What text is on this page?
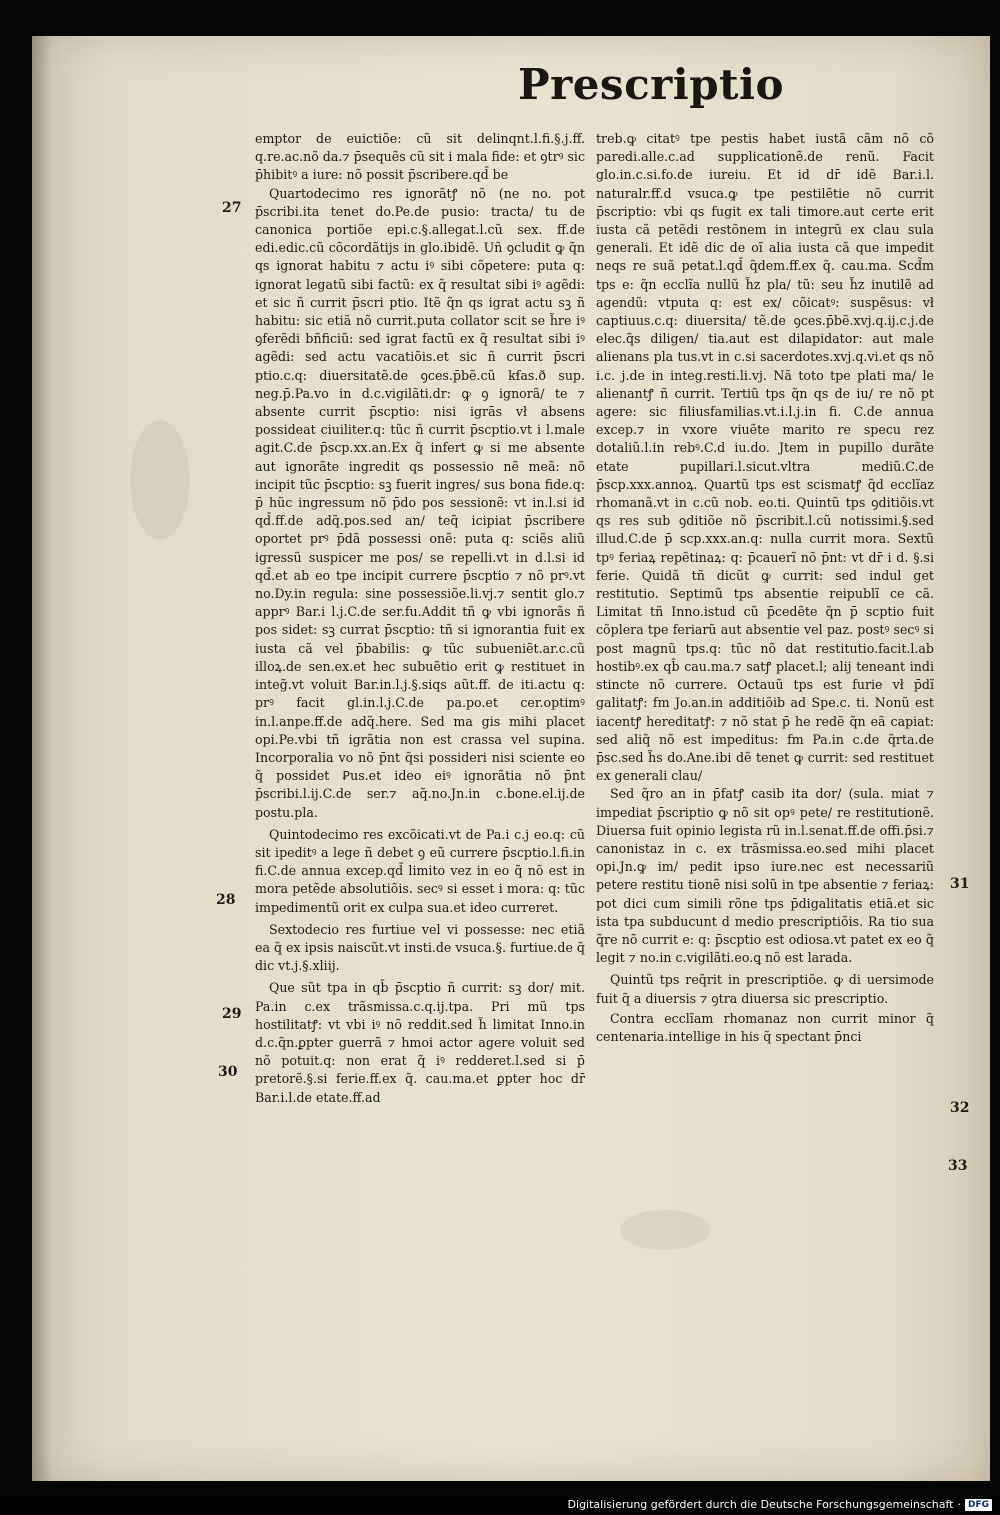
Prescriptio

emptor de euictiõe: cũ sit delinqnt.l.fi.§.j.ff. q.re.ac.nõ da.⁊ p̄sequẽs cũ sit i mala fide: et ꝯtrꝰ sic p̄hibitꝰ a iure: nõ possit p̄scribere.qd̄ be

Quartodecimo res ignorãtꝭ nõ (ne no. pot p̄scribi.ita tenet do.Pe.de pusio: tracta/ tu de canonica portiõe epi.c.§.allegat.l.cũ sex. ff.de edi.edic.cũ cõcordãtijs in glo.ibidẽ. Uñ ꝯcludit ꝙ q̃n qs ignorat habitu ⁊ actu iꝰ sibi cõpetere: puta q: ignorat legatũ sibi factũ: ex q̃ resultat sibi iꝰ agẽdi: et sic ñ currit p̄scri ptio. Itẽ q̃n qs igrat actu sꝫ ñ habitu: sic etiã nõ currit.puta collator scit se h̃re iꝰ ꝯferẽdi bñficiũ: sed igrat factũ ex q̃ resultat sibi iꝰ agẽdi: sed actu vacatiõis.et sic ñ currit p̄scri ptio.c.q: diuersitatẽ.de ꝯces.p̄bẽ.cũ kẜas.ð sup. neg.p̄.Pa.vo in d.c.vigilãti.dr: ꝙ ꝯ ignorã/ te ⁊ absente currit p̄scptio: nisi igrās vł absens possideat ciuiliter.q: tũc ñ currit p̄scptio.vt i l.male agit.C.de p̄scp.xx.an.Ex q̃ infert ꝙ si me absente aut ignorãte ingredit qs possessio nẽ meã: nõ incipit tũc p̄scptio: sꝫ fuerit ingres/ sus bona fide.q: p̄ hũc ingressum nõ p̄do pos sessionẽ: vt in.l.si id qd̄.ff.de adq̃.pos.sed an/ teq̃ icipiat p̄scribere oportet prꝰ p̄dã possessi onẽ: puta q: sciẽs aliũ igressũ suspicer me pos/ se repelli.vt in d.l.si id qd̄.et ab eo tpe incipit currere p̄scptio ⁊ nõ prꝰ.vt no.Dy.in regula: sine possessiõe.li.vj.⁊ sentit glo.⁊ apprꝰ Bar.i l.j.C.de ser.fu.Addit tñ ꝙ vbi ignorãs ñ pos sidet: sꝫ currat p̄scptio: tñ si ignorantia fuit ex iusta cã vel p̄babilis: ꝙ tũc subueniẽt.ar.c.cũ illoꝝ.de sen.ex.et hec subuẽtio erit ꝙ restituet in integ̃.vt voluit Bar.in.l.j.§.siqs aũt.ff. de iti.actu q: prꝰ facit gl.in.l.j.C.de pa.po.et cer.optimꝰ in.l.anpe.ff.de adq̃.here. Sed ma gis mihi placet opi.Pe.vbi tñ igrãtia non est crassa vel supina. Incorporalia vo nõ p̄nt q̃si possideri nisi sciente eo q̃ possidet Ꝑus.et ideo eiꝰ ignorãtia nõ p̄nt p̄scribi.l.ij.C.de ser.⁊ aq̃.no.Jn.in c.bone.el.ij.de postu.pla.

Quintodecimo res excõicati.vt de Pa.i c.j eo.q: cũ sit ipeditꝰ a lege ñ debet ꝯ eũ currere p̄scptio.l.fi.in fi.C.de annua excep.qd̄ limito vez in eo q̃ nõ est in mora petẽde absolutiõis. secꝰ si esset i mora: q: tũc impedimentũ orit ex culpa sua.et ideo curreret.

Sextodecio res furtiue vel vi possesse: nec etiã ea q̃ ex ipsis naiscũt.vt insti.de vsuca.§. furtiue.de q̃ dic vt.j.§.xliij.

Que sũt tpa in qb̄ p̄scptio ñ currit: sꝫ dor/ mit. Pa.in c.ex trãsmissa.c.q.ij.tpa. Pri mũ tps hostilitatꝭ: vt vbi iꝰ nõ reddit.sed h̃ limitat Inno.in d.c.q̃n.ꝑpter guerrã ⁊ hmoi actor agere voluit sed nõ potuit.q: non erat q̃ iꝰ redderet.l.sed si p̄ pretorẽ.§.si ferie.ff.ex q̃. cau.ma.et ꝑpter hoc dr̄ Bar.i.l.de etate.ff.ad

treb.ꝙ citatꝰ tpe pestis habet iustã cãm nõ cõ paredi.alle.c.ad supplicationẽ.de renũ. Facit glo.in.c.si.fo.de iureiu. Et id dr̄ idẽ Bar.i.l. naturalr.ff.d vsuca.ꝙ tpe pestilẽtie nõ currit p̄scriptio: vbi qs fugit ex tali timore.aut certe erit iusta cã petẽdi restõnem in integrũ ex clau sula generali. Et idẽ dic de oĩ alia iusta cã que impedit neqs re suã petat.l.qd̄ q̃dem.ff.ex q̃. cau.ma. Scd̃m tps e: q̃n ecclĩa nullũ h̃z pla/ tũ: seu h̃z inutilẽ ad agendũ: vtputa q: est ex/ cõicatꝰ: suspẽsus: vł captiuus.c.q: diuersita/ tẽ.de ꝯces.p̄bẽ.xvj.q.ij.c.j.de elec.q̃s diligen/ tia.aut est dilapidator: aut male alienans pla tus.vt in c.si sacerdotes.xvj.q.vi.et qs nõ i.c. j.de in integ.resti.li.vj. Nã toto tpe plati ma/ le alienantꝭ ñ currit. Tertiũ tps q̃n qs de iu/ re nõ pt agere: sic filiusfamilias.vt.i.l.j.in fi. C.de annua excep.⁊ in vxore viuẽte marito re specu rez dotaliũ.l.in rebꝰ.C.d iu.do. Jtem in pupillo durãte etate pupillari.l.sicut.vltra mediũ.C.de p̄scp.xxx.annoꝝ. Quartũ tps est scismatꝭ q̃d ecclĩaz rhomanã.vt in c.cũ nob. eo.ti. Quintũ tps ꝯditiõis.vt qs res sub ꝯditiõe nõ p̄scribit.l.cũ notissimi.§.sed illud.C.de p̄ scp.xxx.an.q: nulla currit mora. Sextũ tpꝰ feriaꝝ repẽtinaꝝ: q: p̄cauerĩ nõ p̄nt: vt dr̄ i d. §.si ferie. Quidã tñ dicũt ꝙ currit: sed indul get restitutio. Septimũ tps absentie reipublĩ ce cã. Limitat tñ Inno.istud cũ p̄cedẽte q̃n p̄ scptio fuit cõplera tpe feriarũ aut absentie vel paz. postꝰ secꝰ si post magnũ tps.q: tũc nõ dat restitutio.facit.l.ab hostibꝰ.ex qb̄ cau.ma.⁊ satꝭ placet.l; alij teneant indi stincte nõ currere. Octauũ tps est furie vł p̄dĩ galitatꝭ: fm Jo.an.in additiõib ad Spe.c. ti. Nonũ est iacentꝭ hereditatꝭ: ⁊ nõ stat p̄ he redẽ q̃n eã capiat: sed aliq̃ nõ est impeditus: fm Pa.in c.de q̃rta.de p̄sc.sed h̃s do.Ane.ibi dẽ tenet ꝙ currit: sed restituet ex generali clau/

Sed q̃ro an in p̄fatꝭ casib ita dor/ (sula. miat ⁊ impediat p̄scriptio ꝙ nõ sit opꝰ pete/ re restitutionẽ. Diuersa fuit opinio legista rũ in.l.senat.ff.de offi.p̄si.⁊ canonistaz in c. ex trãsmissa.eo.sed mihi placet opi.Jn.ꝙ im/ pedit ipso iure.nec est necessariũ petere restitu tionẽ nisi solũ in tpe absentie ⁊ feriaꝝ: pot dici cum simili rõne tps p̄digalitatis etiã.et sic ista tpa subducunt d medio prescriptiõis. Ra tio sua q̃re nõ currit e: q: p̄scptio est odiosa.vt patet ex eo q̃ legit ⁊ no.in c.vigilãti.eo.ꝗ nõ est larada.

Quintũ tps req̃rit in prescriptiõe. ꝙ di uersimode fuit q̃ a diuersis ⁊ ꝯtra diuersa sic prescriptio.

Contra ecclĩam rhomanaz non currit minor q̃ centenaria.intellige in his q̃ spectant p̄nci

27
28
29
30
31
32
33
Digitalisierung gefördert durch die Deutsche Forschungsgemeinschaft · DFG
